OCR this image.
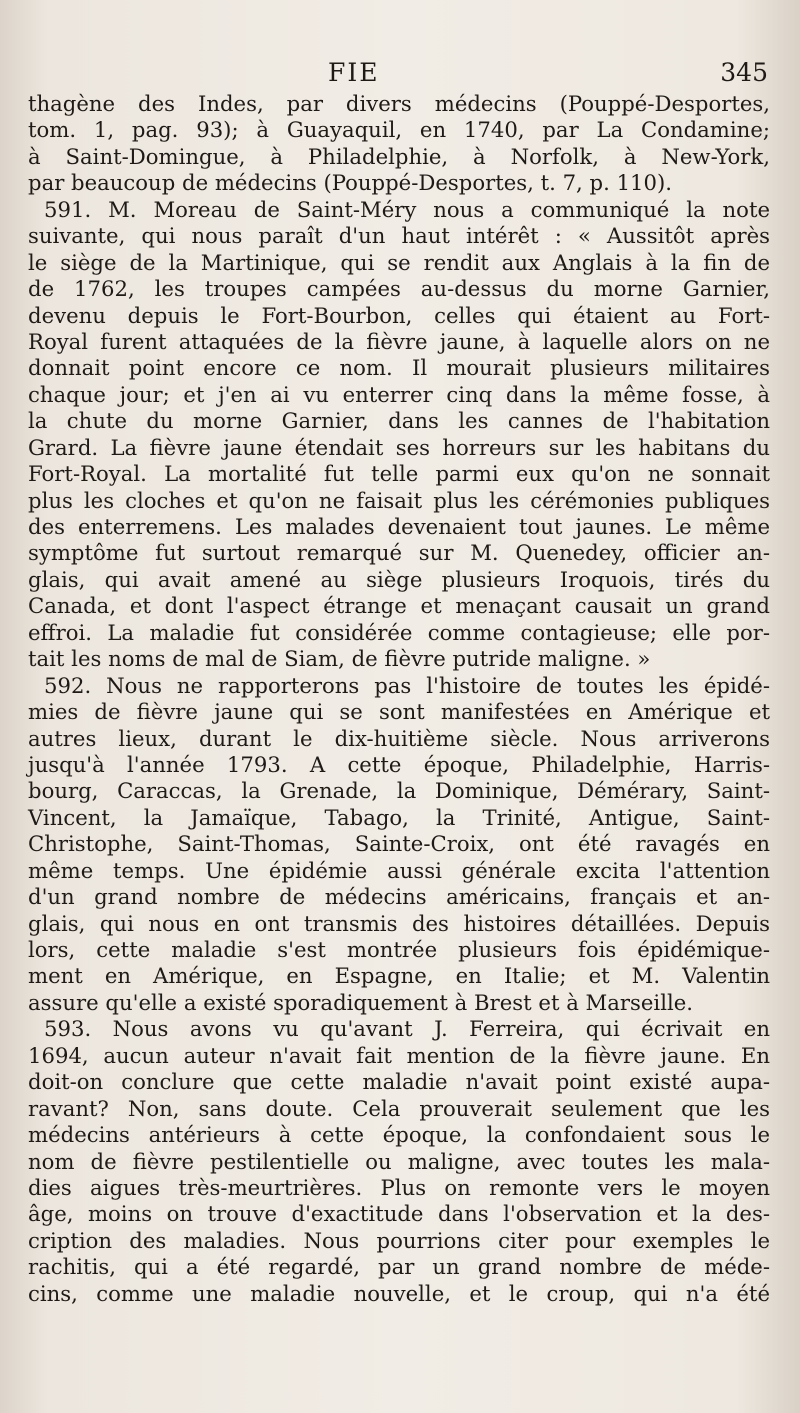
FIE	345
thagène des Indes, par divers médecins (Pouppé-Desportes,
tom. 1, pag. 93); à Guayaquil, en 1740, par La Condamine;
à Saint-Domingue, à Philadelphie, à Norfolk, à New-York,
par beaucoup de médecins (Pouppé-Desportes, t. 7, p. 110).
591. M. Moreau de Saint-Méry nous a communiqué la note
suivante, qui nous paraît d'un haut intérêt : « Aussitôt après
le siège de la Martinique, qui se rendit aux Anglais à la fin de
de 1762, les troupes campées au-dessus du morne Garnier,
devenu depuis le Fort-Bourbon, celles qui étaient au Fort-
Royal furent attaquées de la fièvre jaune, à laquelle alors on ne
donnait point encore ce nom. Il mourait plusieurs militaires
chaque jour; et j'en ai vu enterrer cinq dans la même fosse, à
la chute du morne Garnier, dans les cannes de l'habitation
Grard. La fièvre jaune étendait ses horreurs sur les habitans du
Fort-Royal. La mortalité fut telle parmi eux qu'on ne sonnait
plus les cloches et qu'on ne faisait plus les cérémonies publiques
des enterremens. Les malades devenaient tout jaunes. Le même
symptôme fut surtout remarqué sur M. Quenedey, officier an-
glais, qui avait amené au siège plusieurs Iroquois, tirés du
Canada, et dont l'aspect étrange et menaçant causait un grand
effroi. La maladie fut considérée comme contagieuse; elle por-
tait les noms de mal de Siam, de fièvre putride maligne. »
592. Nous ne rapporterons pas l'histoire de toutes les épidé-
mies de fièvre jaune qui se sont manifestées en Amérique et
autres lieux, durant le dix-huitième siècle. Nous arriverons
jusqu'à l'année 1793. A cette époque, Philadelphie, Harris-
bourg, Caraccas, la Grenade, la Dominique, Démérary, Saint-
Vincent, la Jamaïque, Tabago, la Trinité, Antigue, Saint-
Christophe, Saint-Thomas, Sainte-Croix, ont été ravagés en
même temps. Une épidémie aussi générale excita l'attention
d'un grand nombre de médecins américains, français et an-
glais, qui nous en ont transmis des histoires détaillées. Depuis
lors, cette maladie s'est montrée plusieurs fois épidémique-
ment en Amérique, en Espagne, en Italie; et M. Valentin
assure qu'elle a existé sporadiquement à Brest et à Marseille.
593. Nous avons vu qu'avant J. Ferreira, qui écrivait en
1694, aucun auteur n'avait fait mention de la fièvre jaune. En
doit-on conclure que cette maladie n'avait point existé aupa-
ravant? Non, sans doute. Cela prouverait seulement que les
médecins antérieurs à cette époque, la confondaient sous le
nom de fièvre pestilentielle ou maligne, avec toutes les mala-
dies aigues très-meurtrières. Plus on remonte vers le moyen
âge, moins on trouve d'exactitude dans l'observation et la des-
cription des maladies. Nous pourrions citer pour exemples le
rachitis, qui a été regardé, par un grand nombre de méde-
cins, comme une maladie nouvelle, et le croup, qui n'a été
